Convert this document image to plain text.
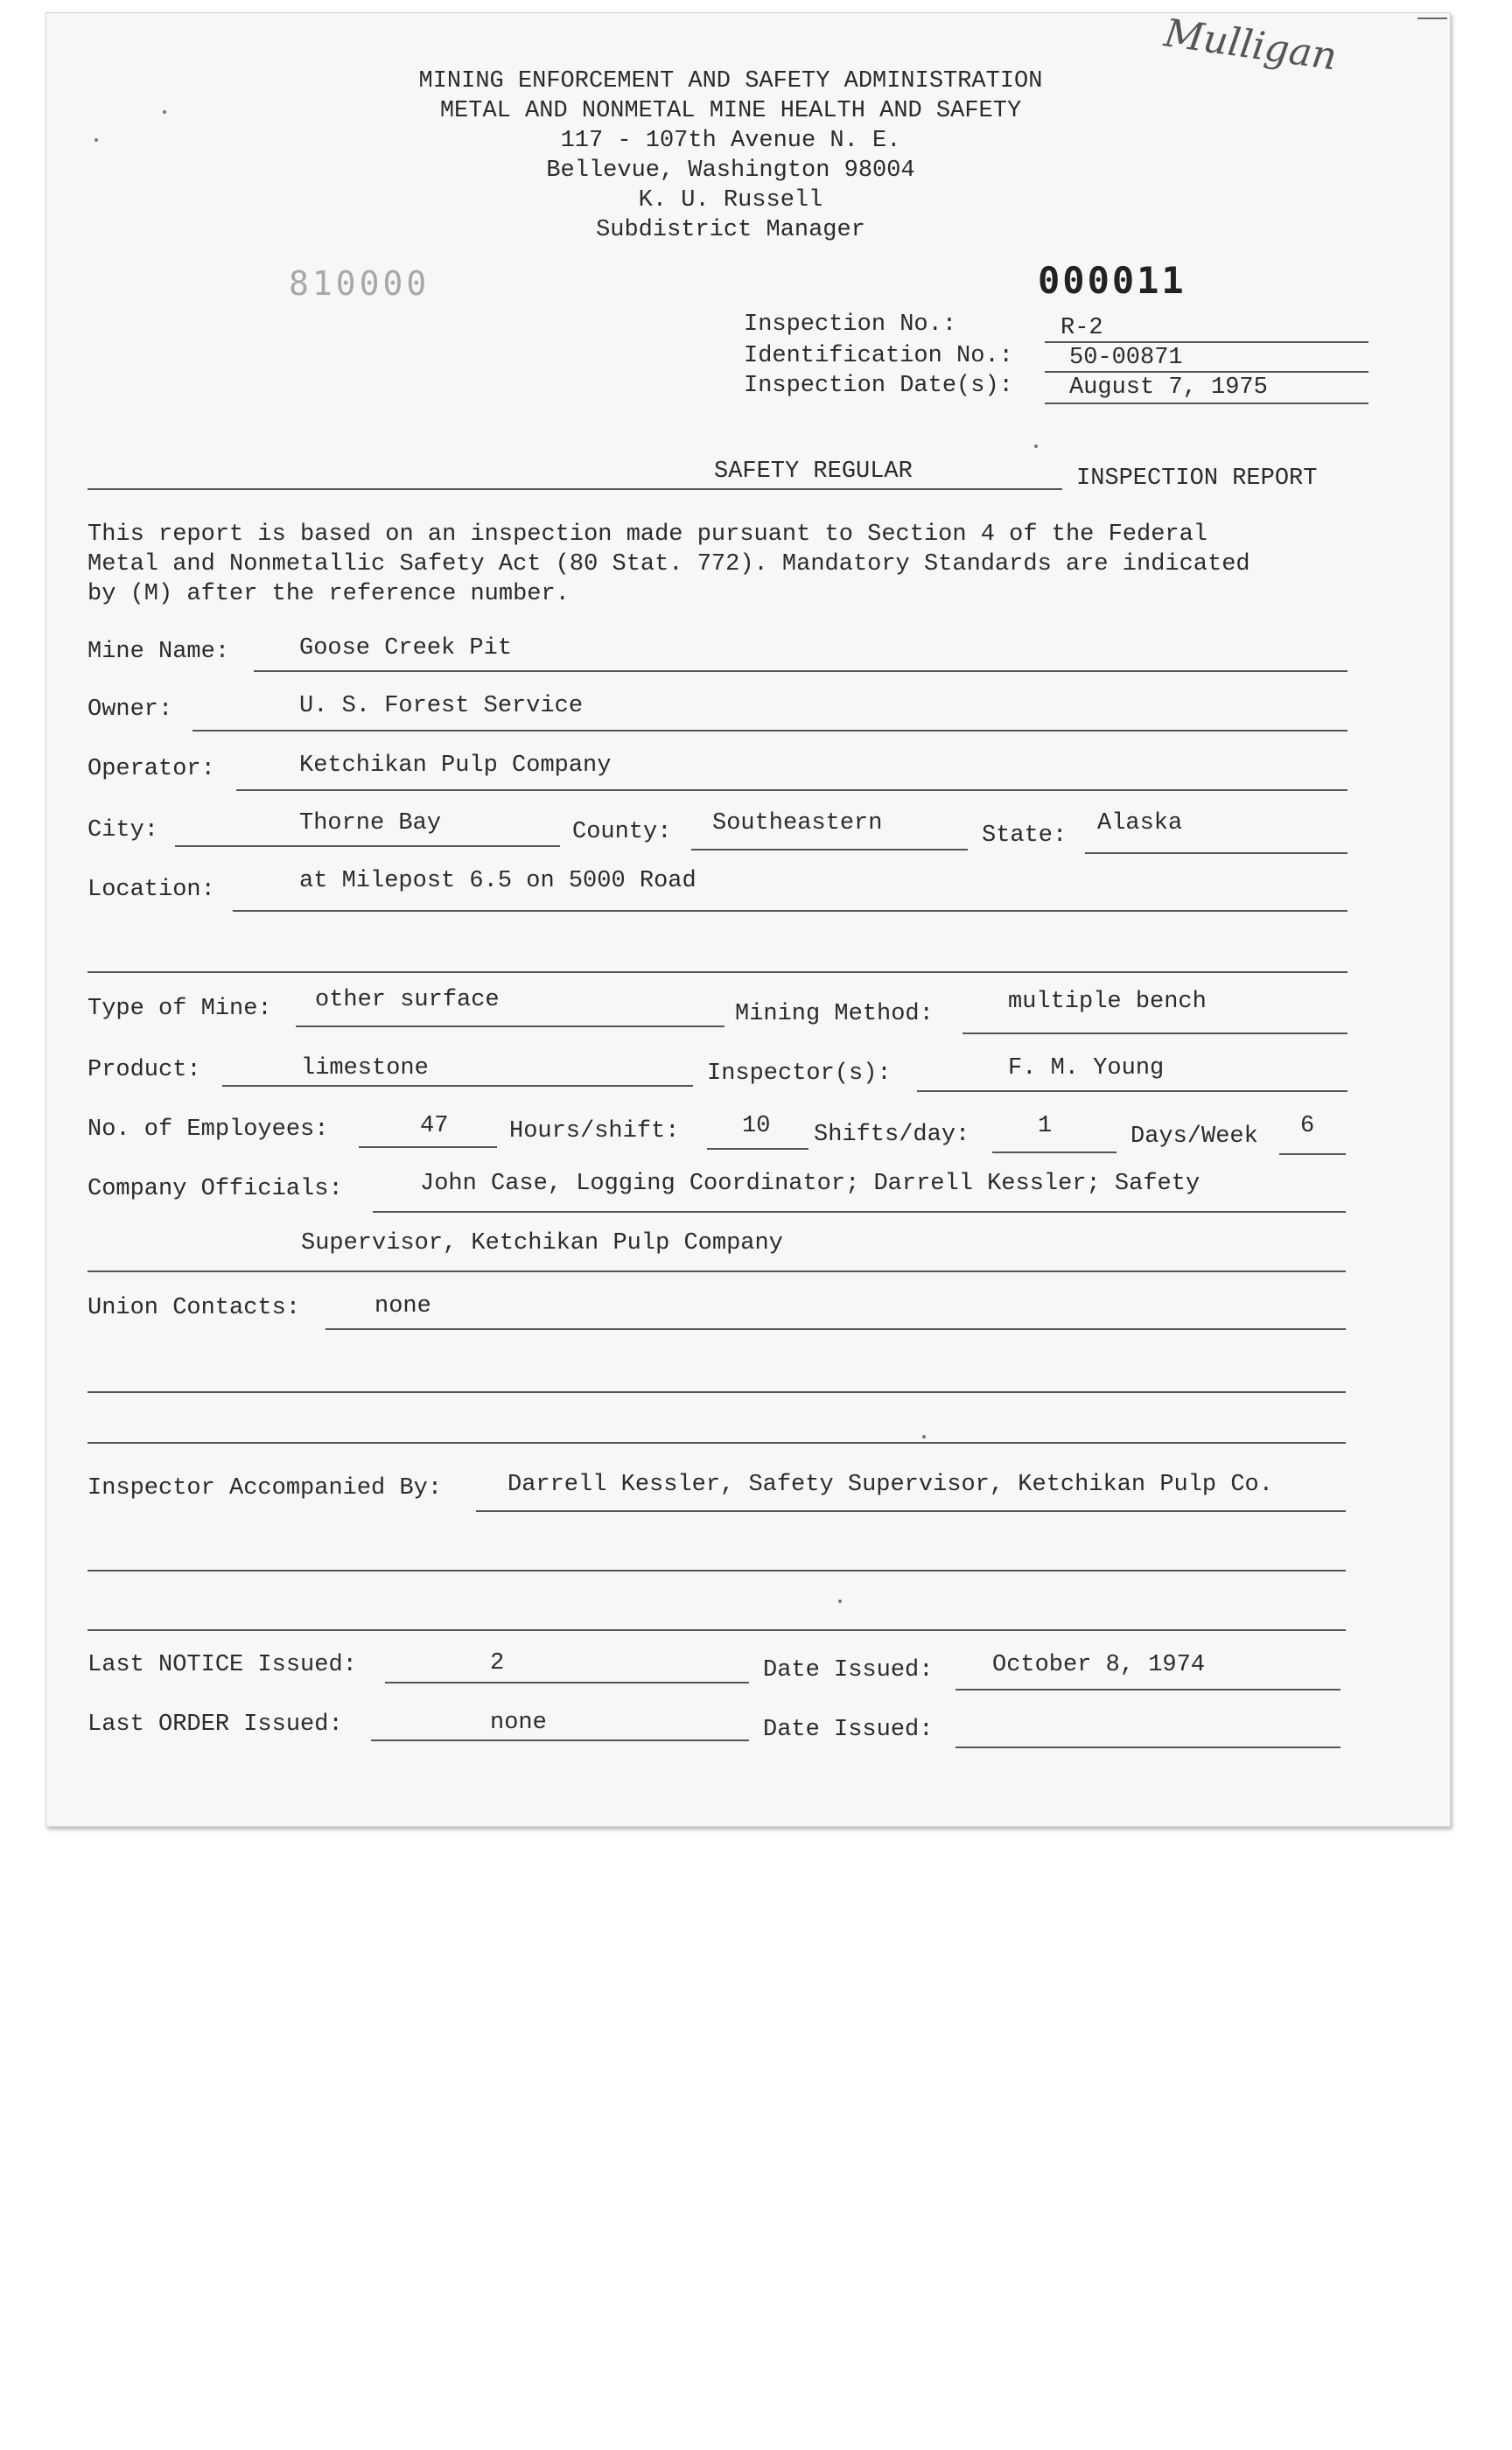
Mulligan
MINING ENFORCEMENT AND SAFETY ADMINISTRATION
METAL AND NONMETAL MINE HEALTH AND SAFETY
117 - 107th Avenue N. E.
Bellevue, Washington 98004
K. U. Russell
Subdistrict Manager
810000	000011
Inspection No.:	R-2
Identification No.: 50-00871
Inspection Date(s): August 7, 1975
SAFETY REGULAR	INSPECTION REPORT
This report is based on an inspection made pursuant to Section 4 of the Federal
Metal and Nonmetallic Safety Act (80 Stat. 772). Mandatory Standards are indicated
by (M) after the reference number.
Mine Name:	Goose Creek Pit
Owner:	U. S. Forest Service
Operator:	Ketchikan Pulp Company
City:	Thorne Bay	County: Southeastern	State: Alaska
Location:	at Milepost 6.5 on 5000 Road
Type of Mine: other surface
Mining Method:	multiple bench
Product:	limestone	Inspector(s):	F. M. Young
No. of Employees:	47	Hours/shift:	10 Shifts/day:	1	Days/Week 6
Company Officials:	John Case, Logging Coordinator; Darrell Kessler; Safety
Supervisor, Ketchikan Pulp Company
Union Contacts:	none
Inspector Accompanied By:	Darrell Kessler, Safety Supervisor, Ketchikan Pulp Co.
Last NOTICE Issued:	2	Date Issued:	October 8, 1974
Last ORDER Issued:	none	Date Issued:
